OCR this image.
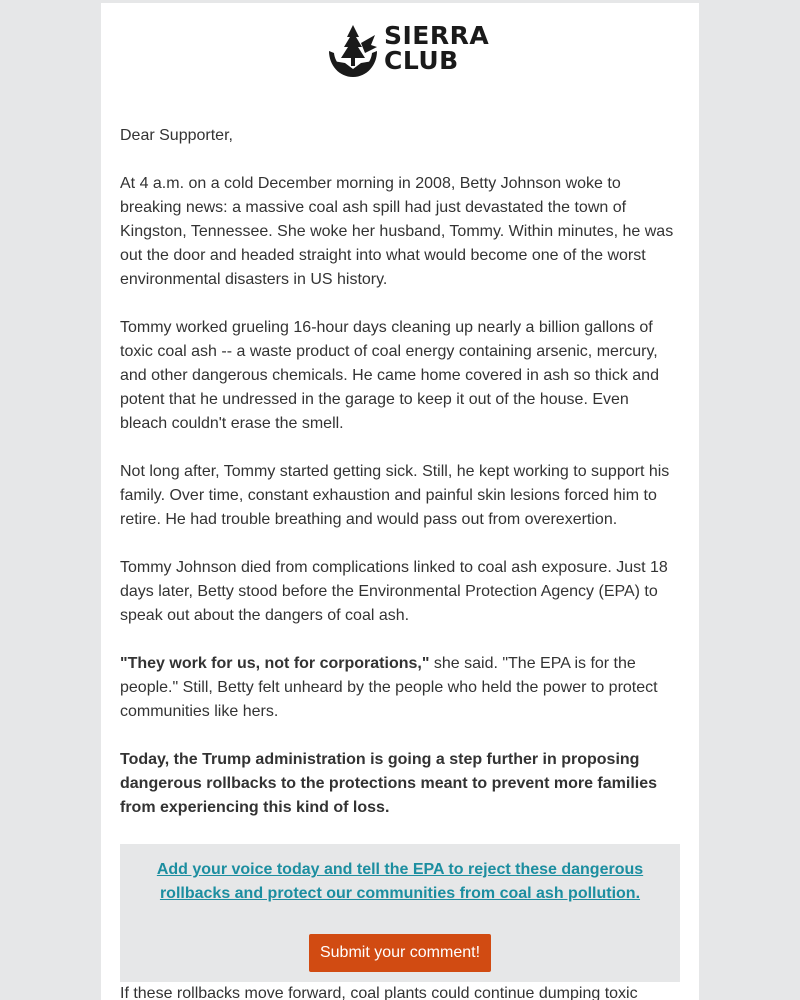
SIERRA
CLUB

Dear Supporter,

At 4 a.m. on a cold December morning in 2008, Betty Johnson woke to breaking news: a massive coal ash spill had just devastated the town of Kingston, Tennessee. She woke her husband, Tommy. Within minutes, he was out the door and headed straight into what would become one of the worst environmental disasters in US history.

Tommy worked grueling 16-hour days cleaning up nearly a billion gallons of toxic coal ash -- a waste product of coal energy containing arsenic, mercury, and other dangerous chemicals. He came home covered in ash so thick and potent that he undressed in the garage to keep it out of the house. Even bleach couldn't erase the smell.

Not long after, Tommy started getting sick. Still, he kept working to support his family. Over time, constant exhaustion and painful skin lesions forced him to retire. He had trouble breathing and would pass out from overexertion.

Tommy Johnson died from complications linked to coal ash exposure. Just 18 days later, Betty stood before the Environmental Protection Agency (EPA) to speak out about the dangers of coal ash.

"They work for us, not for corporations," she said. "The EPA is for the people." Still, Betty felt unheard by the people who held the power to protect communities like hers.

Today, the Trump administration is going a step further in proposing dangerous rollbacks to the protections meant to prevent more families from experiencing this kind of loss.

Add your voice today and tell the EPA to reject these dangerous rollbacks and protect our communities from coal ash pollution.
Submit your comment!

If these rollbacks move forward, coal plants could continue dumping toxic
